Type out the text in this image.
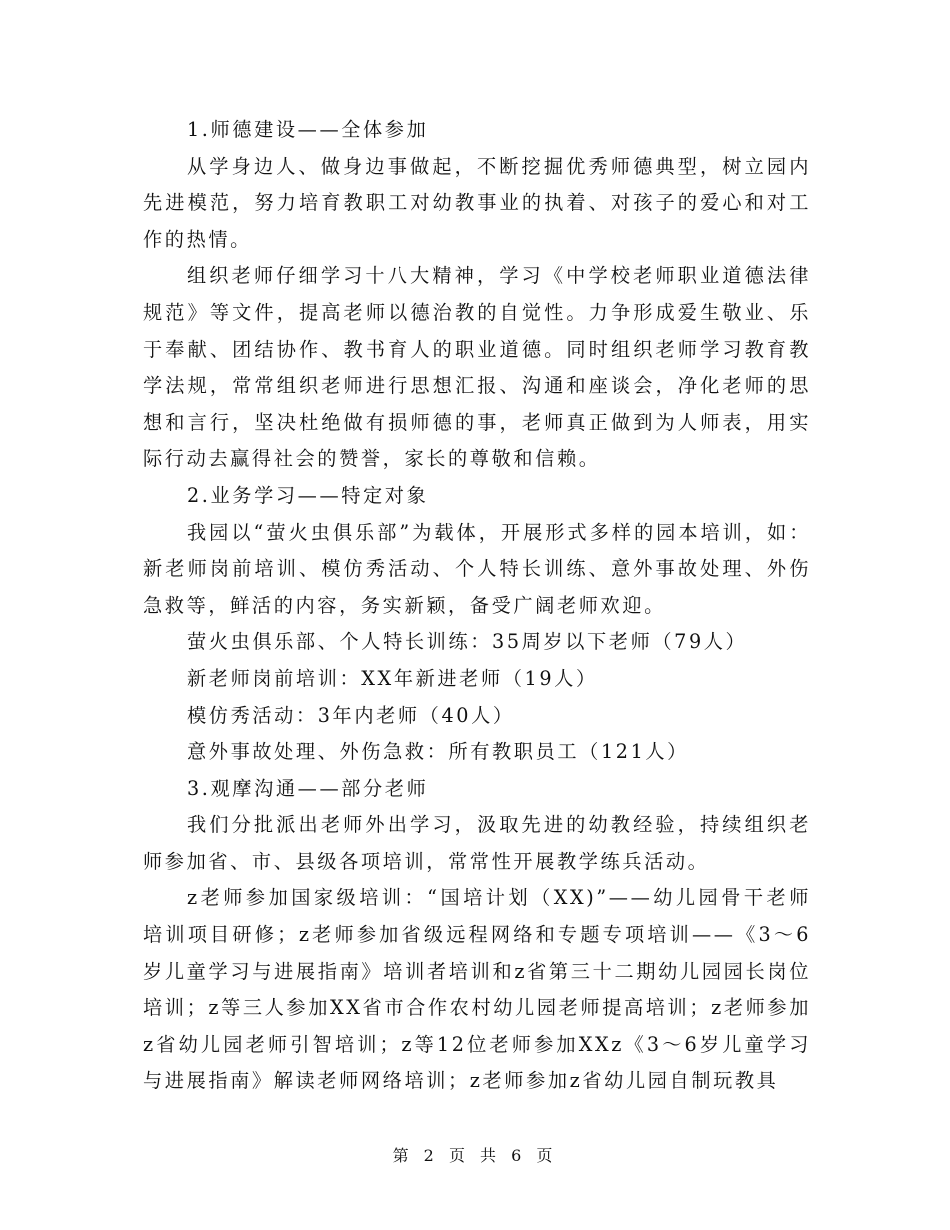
1.师德建设——全体参加

从学身边人、做身边事做起，不断挖掘优秀师德典型，树立园内先进模范，努力培育教职工对幼教事业的执着、对孩子的爱心和对工作的热情。

组织老师仔细学习十八大精神，学习《中学校老师职业道德法律规范》等文件，提高老师以德治教的自觉性。力争形成爱生敬业、乐于奉献、团结协作、教书育人的职业道德。同时组织老师学习教育教学法规，常常组织老师进行思想汇报、沟通和座谈会，净化老师的思想和言行，坚决杜绝做有损师德的事，老师真正做到为人师表，用实际行动去赢得社会的赞誉，家长的尊敬和信赖。

2.业务学习——特定对象

我园以“萤火虫俱乐部”为载体，开展形式多样的园本培训，如：新老师岗前培训、模仿秀活动、个人特长训练、意外事故处理、外伤急救等，鲜活的内容，务实新颖，备受广阔老师欢迎。

萤火虫俱乐部、个人特长训练：35周岁以下老师（79人）

新老师岗前培训：XX年新进老师（19人）

模仿秀活动：3年内老师（40人）

意外事故处理、外伤急救：所有教职员工（121人）

3.观摩沟通——部分老师

我们分批派出老师外出学习，汲取先进的幼教经验，持续组织老师参加省、市、县级各项培训，常常性开展教学练兵活动。

z老师参加国家级培训：“国培计划（XX)”——幼儿园骨干老师培训项目研修；z老师参加省级远程网络和专题专项培训——《3～6岁儿童学习与进展指南》培训者培训和z省第三十二期幼儿园园长岗位培训；z等三人参加XX省市合作农村幼儿园老师提高培训；z老师参加z省幼儿园老师引智培训；z等12位老师参加XXz《3～6岁儿童学习与进展指南》解读老师网络培训；z老师参加z省幼儿园自制玩教具

第 2 页 共 6 页
